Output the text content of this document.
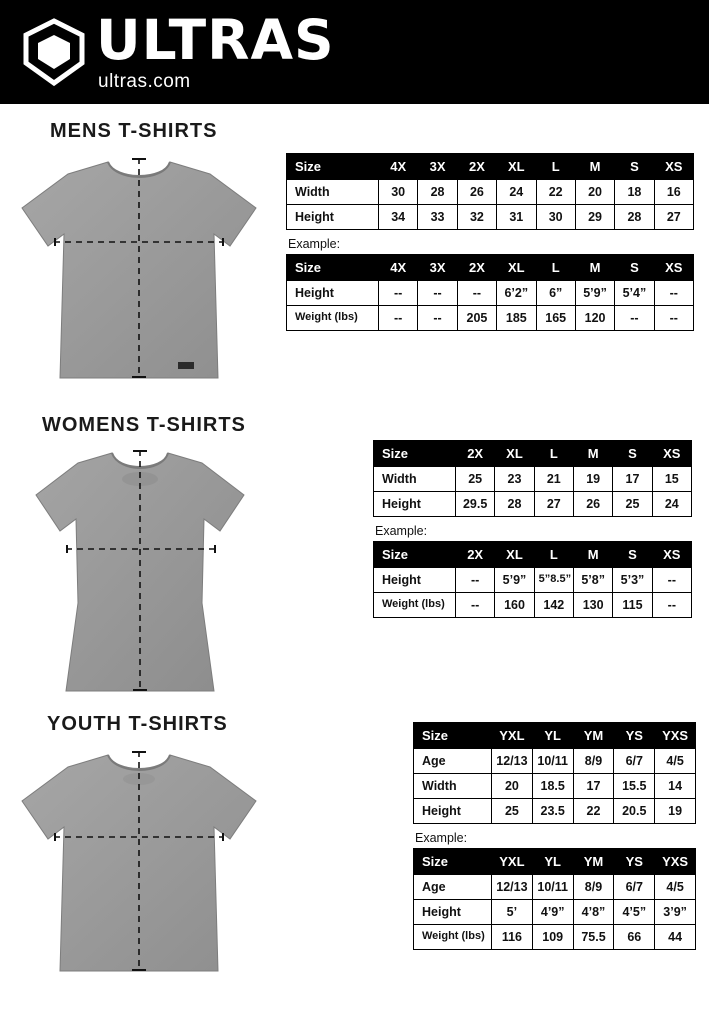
ULTRAS
ultras.com
MENS T-SHIRTS
Size	4X	3X	2X	XL	L	M	S	XS
Width	30	28	26	24	22	20	18	16
Height	34	33	32	31	30	29	28	27
Example:
Size	4X	3X	2X	XL	L	M	S	XS
Height	--	--	--	6’2”	6”	5’9”	5’4”	--
Weight (lbs)	--	--	205	185	165	120	--	--
WOMENS T-SHIRTS
Size	2X	XL	L	M	S	XS
Width	25	23	21	19	17	15
Height	29.5	28	27	26	25	24
Example:
Size	2X	XL	L	M	S	XS
Height	--	5’9”	5”8.5”	5’8”	5’3”	--
Weight (lbs)	--	160	142	130	115	--
YOUTH T-SHIRTS
Size	YXL	YL	YM	YS	YXS
Age	12/13	10/11	8/9	6/7	4/5
Width	20	18.5	17	15.5	14
Height	25	23.5	22	20.5	19
Example:
Size	YXL	YL	YM	YS	YXS
Age	12/13	10/11	8/9	6/7	4/5
Height	5’	4’9”	4’8”	4’5”	3’9”
Weight (lbs)	116	109	75.5	66	44
